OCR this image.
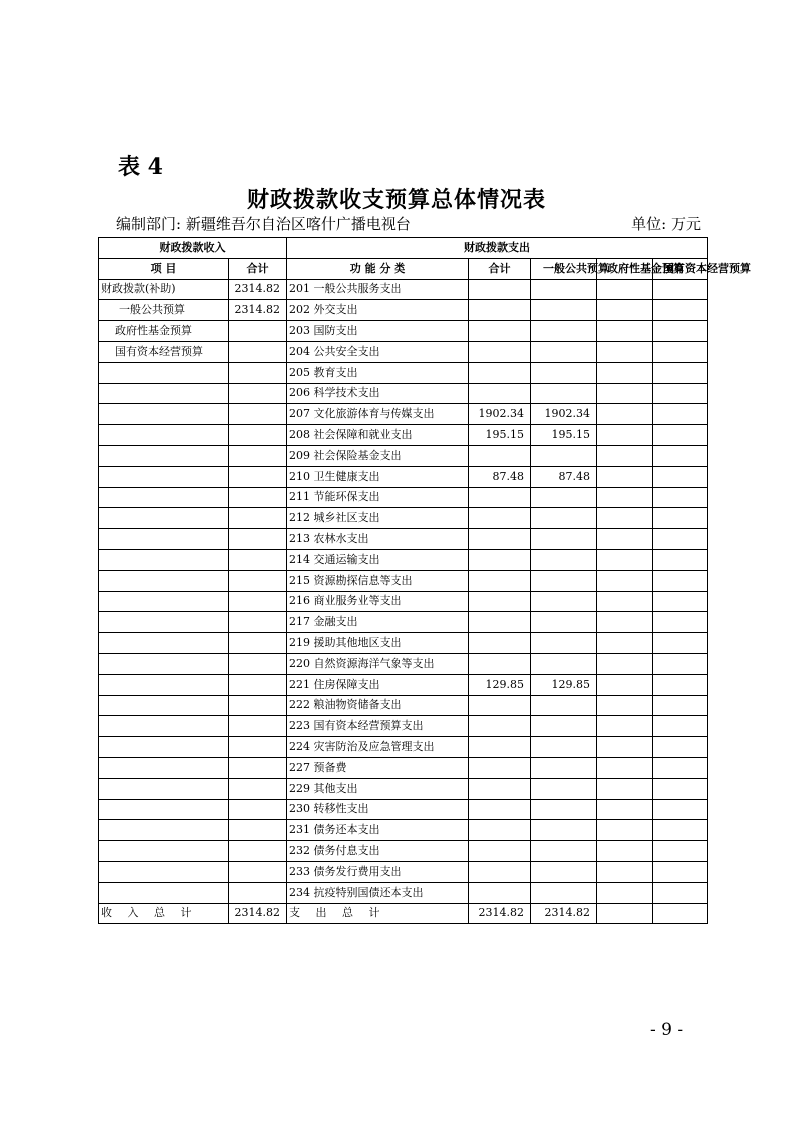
表 4
财政拨款收支预算总体情况表
编制部门: 新疆维吾尔自治区喀什广播电视台	单位: 万元
财政拨款收入		财政拨款支出				
项 目	合计	功 能 分 类	合计	一般公共预算	政府性基金预算	国有资本经营预算
财政拨款(补助)	2314.82	201 一般公共服务支出				
一般公共预算	2314.82	202 外交支出				
政府性基金预算		203 国防支出				
国有资本经营预算		204 公共安全支出				
		205 教育支出				
		206 科学技术支出				
		207 文化旅游体育与传媒支出	1902.34	1902.34		
		208 社会保障和就业支出	195.15	195.15		
		209 社会保险基金支出				
		210 卫生健康支出	87.48	87.48		
		211 节能环保支出				
		212 城乡社区支出				
		213 农林水支出				
		214 交通运输支出				
		215 资源勘探信息等支出				
		216 商业服务业等支出				
		217 金融支出				
		219 援助其他地区支出				
		220 自然资源海洋气象等支出				
		221 住房保障支出	129.85	129.85		
		222 粮油物资储备支出				
		223 国有资本经营预算支出				
		224 灾害防治及应急管理支出				
		227 预备费				
		229 其他支出				
		230 转移性支出				
		231 债务还本支出				
		232 债务付息支出				
		233 债务发行费用支出				
		234 抗疫特别国债还本支出				
收 入 总 计	2314.82	支 出 总 计	2314.82	2314.82		
- 9 -
